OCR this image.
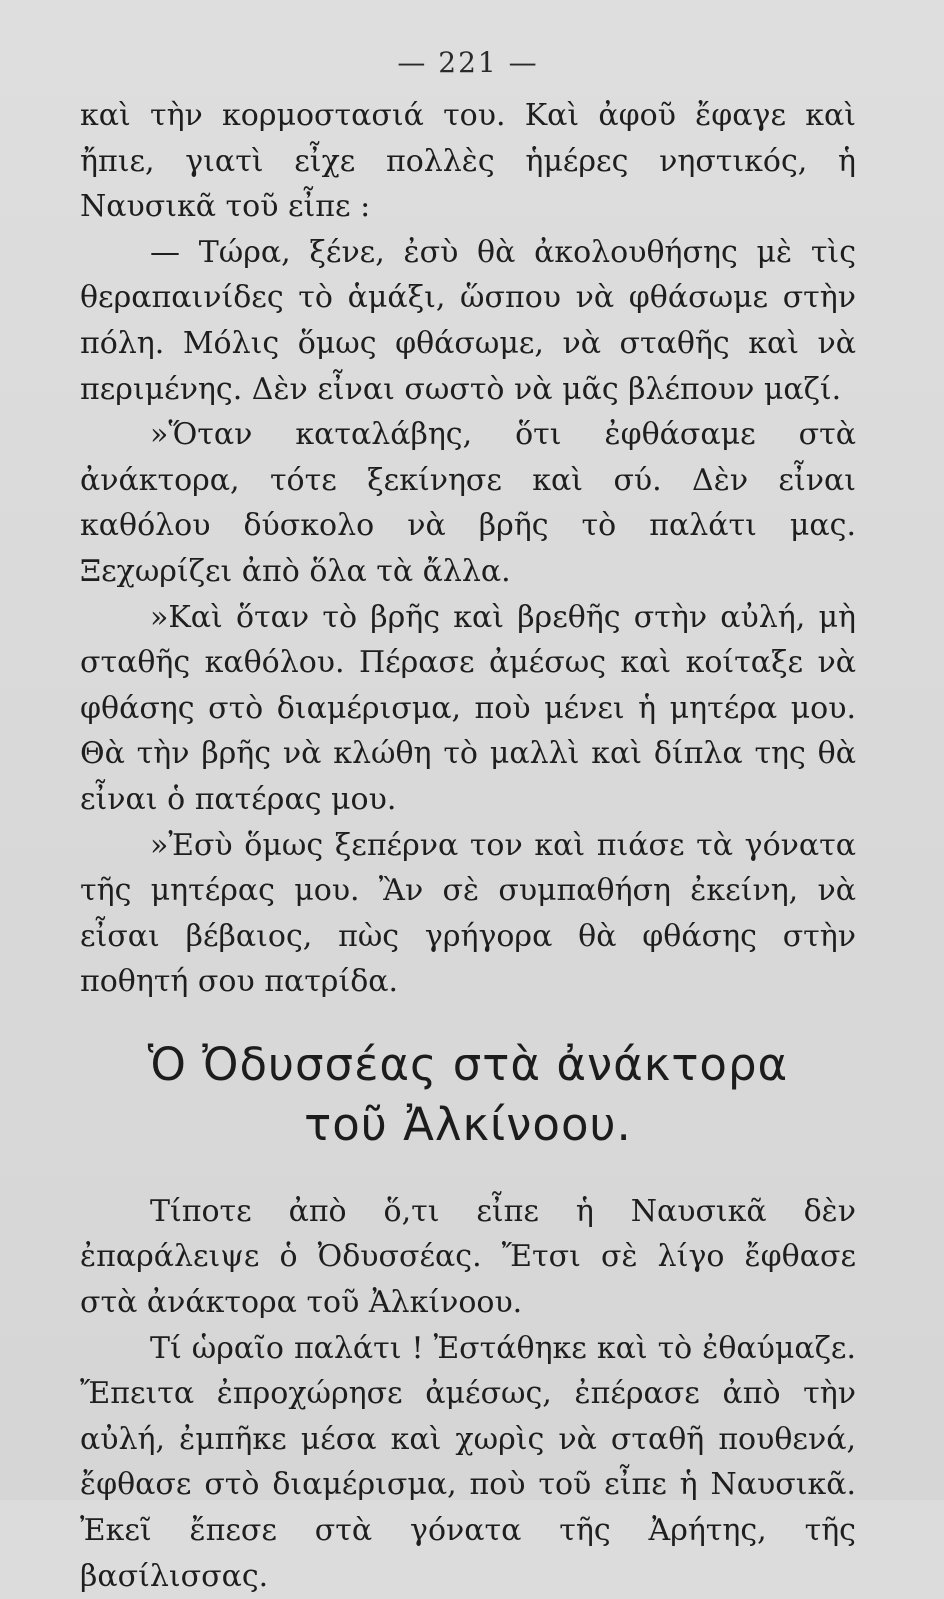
— 221 —

καὶ τὴν κορμοστασιά του. Καὶ ἀφοῦ ἔφαγε καὶ ἤπιε, γιατὶ εἶχε πολλὲς ἡμέρες νηστικός, ἡ Ναυσικᾶ τοῦ εἶπε :

— Τώρα, ξένε, ἐσὺ θὰ ἀκολουθήσης μὲ τὶς θεραπαινίδες τὸ ἁμάξι, ὥσπου νὰ φθάσωμε στὴν πόλη. Μόλις ὅμως φθάσωμε, νὰ σταθῆς καὶ νὰ περιμένης. Δὲν εἶναι σωστὸ νὰ μᾶς βλέπουν μαζί.

»Ὅταν καταλάβης, ὅτι ἐφθάσαμε στὰ ἀνάκτορα, τότε ξεκίνησε καὶ σύ. Δὲν εἶναι καθόλου δύσκολο νὰ βρῆς τὸ παλάτι μας. Ξεχωρίζει ἀπὸ ὅλα τὰ ἄλλα.

»Καὶ ὅταν τὸ βρῆς καὶ βρεθῆς στὴν αὐλή, μὴ σταθῆς καθόλου. Πέρασε ἀμέσως καὶ κοίταξε νὰ φθάσης στὸ διαμέρισμα, ποὺ μένει ἡ μητέρα μου. Θὰ τὴν βρῆς νὰ κλώθη τὸ μαλλὶ καὶ δίπλα της θὰ εἶναι ὁ πατέρας μου.

»Ἐσὺ ὅμως ξεπέρνα τον καὶ πιάσε τὰ γόνατα τῆς μητέρας μου. Ἂν σὲ συμπαθήση ἐκείνη, νὰ εἶσαι βέβαιος, πὼς γρήγορα θὰ φθάσης στὴν ποθητή σου πατρίδα.

Ὁ Ὀδυσσέας στὰ ἀνάκτορα
τοῦ Ἀλκίνοου.

Τίποτε ἀπὸ ὅ,τι εἶπε ἡ Ναυσικᾶ δὲν ἐπαράλειψε ὁ Ὀδυσσέας. Ἔτσι σὲ λίγο ἔφθασε στὰ ἀνάκτορα τοῦ Ἀλκίνοου.

Τί ὡραῖο παλάτι ! Ἐστάθηκε καὶ τὸ ἐθαύμαζε. Ἔπειτα ἐπροχώρησε ἀμέσως, ἐπέρασε ἀπὸ τὴν αὐλή, ἐμπῆκε μέσα καὶ χωρὶς νὰ σταθῆ πουθενά, ἔφθασε στὸ διαμέρισμα, ποὺ τοῦ εἶπε ἡ Ναυσικᾶ. Ἐκεῖ ἔπεσε στὰ γόνατα τῆς Ἀρήτης, τῆς βασίλισσας.
